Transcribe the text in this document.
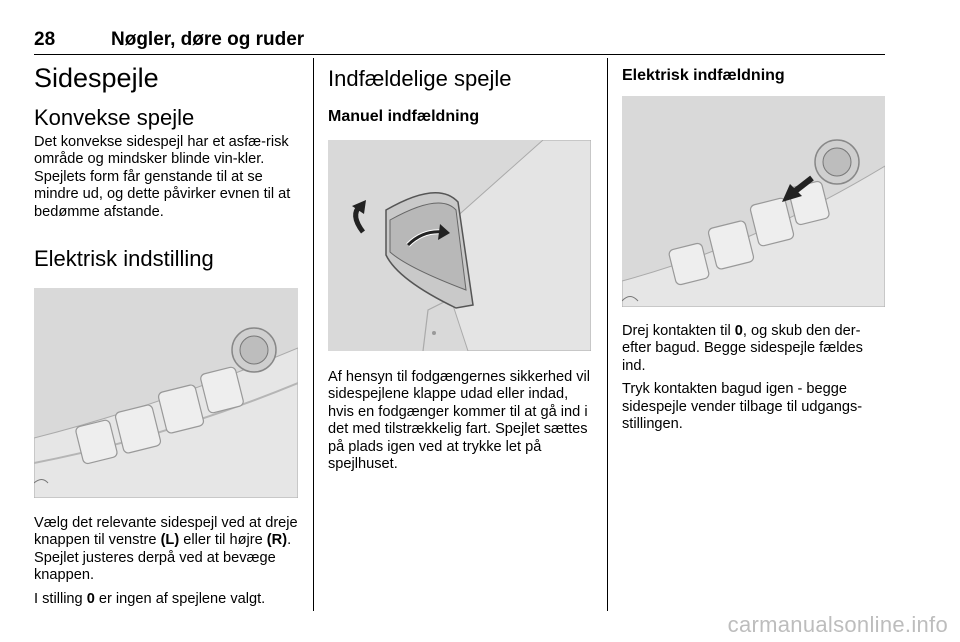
28	Nøgler, døre og ruder
Sidespejle
Konvekse spejle

Det konvekse sidespejl har et asfæ-risk område og mindsker blinde vin-kler. Spejlets form får genstande til at se mindre ud, og dette påvirker evnen til at bedømme afstande.

Elektrisk indstilling

Vælg det relevante sidespejl ved at dreje knappen til venstre (L) eller til højre (R). Spejlet justeres derpå ved at bevæge knappen.

I stilling 0 er ingen af spejlene valgt.

Indfældelige spejle
Manuel indfældning

Af hensyn til fodgængernes sikkerhed vil sidespejlene klappe udad eller indad, hvis en fodgænger kommer til at gå ind i det med tilstrækkelig fart. Spejlet sættes på plads igen ved at trykke let på spejlhuset.

Elektrisk indfældning

Drej kontakten til 0, og skub den der-efter bagud. Begge sidespejle fældes ind.

Tryk kontakten bagud igen - begge sidespejle vender tilbage til udgangs-stillingen.

carmanualsonline.info
